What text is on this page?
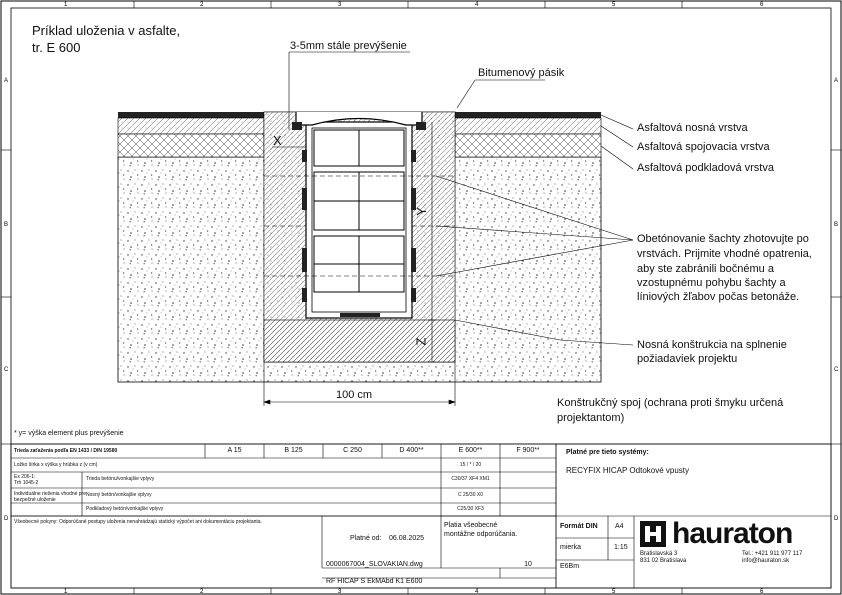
1	2	3	4	5	6
1	2	3	4	5	6
A
B
C
D
A
B
C
D
Príklad uloženia v asfalte,
tr. E 600	3-5mm stále prevýšenie
Bitumenový pásik
Asfaltová nosná vrstva
Asfaltová spojovacia vrstva
Asfaltová podkladová vrstva
Obetónovanie šachty zhotovujte po
vrstvách. Prijmite vhodné opatrenia,
aby ste zabránili bočnému a
vzostupnému pohybu šachty a
líniových žľabov počas betonáže.
Nosná konštrukcia na splnenie
požiadaviek projektu
Konštrukčný spoj (ochrana proti šmyku určená
projektantom)
100 cm
X
Y
Z
* y= výška element plus prevýšenie
Trieda zaťaženia podľa EN 1433 / DIN 19580	A 15	B 125	C 250	D 400**	E 600**	F 900**
Ložko šírka x výška y hrúbka z (v cm)	15 / * / 20
Ex 206-1:
Trh 1045-2
Trieda betónu/vonkajšie vplyvy	C30/37 XF4 XM1
Individuálne riešenia vhodné pre
bezpečné uloženie
Nosný betón/vonkajšie vplyvy	C 25/30 X0
Podkladový betón/vonkajšie vplyvy	C25/30 XF3
Všeobecné pokyny: Odporúčané postupy uloženia nenahrádzajú statický výpočet ani dokumentáciu projektanta.
Platné pre tieto systémy:
RECYFIX HICAP Odtokové vpusty
Platné od: 06.08.2025
Platia všeobecné
montážne odporúčania.
Formát DIN A4
mierka	1:15
E6Bm
0000067004_SLOVAKIAN.dwg	10
RF HICAP S EkMAbd K1 E600
hauraton
Bratislavská 3
831 02 Bratislava
Tel.: +421 911 977 117
info@hauraton.sk
